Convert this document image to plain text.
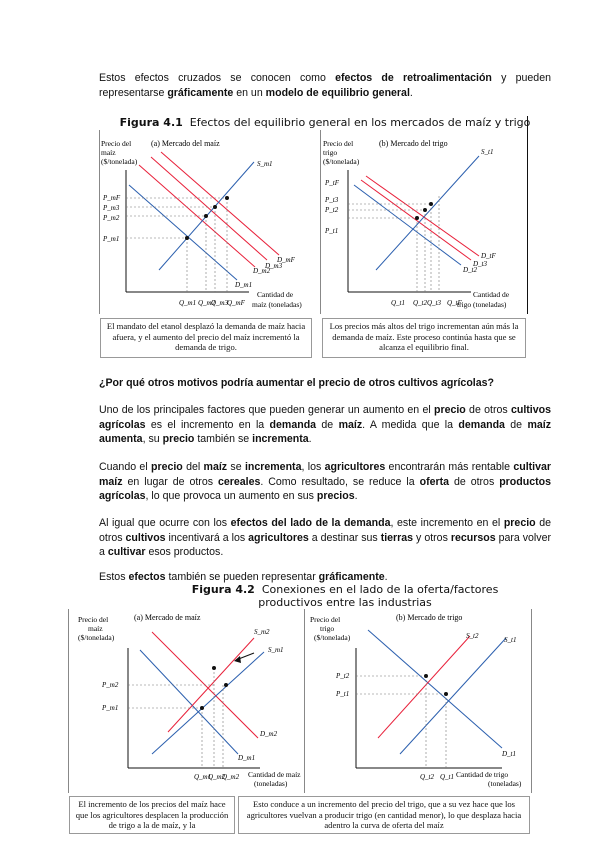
Estos efectos cruzados se conocen como efectos de retroalimentación y pueden representarse gráficamente en un modelo de equilibrio general.

Figura 4.1 Efectos del equilibrio general en los mercados de maíz y trigo
(a) Mercado del maíz
Precio del
maíz
($/tonelada)
P_mF
P_m3
P_m2
P_m1
Q_m1 Q_m2
Q_m3
Q_mF
S_m1
D_mF
D_m3
D_m2
D_m1
Cantidad de
maíz (toneladas)
(b) Mercado del trigo
Precio del
trigo
($/tonelada)
P_tF
P_t3
P_t2
P_t1
Q_t1 Q_t2 Q_t3 Q_tF
S_t1
D_tF
D_t3
D_t2
Cantidad de
trigo (toneladas)
El mandato del etanol desplazó la demanda de maíz hacia afuera, y el aumento del precio del maíz incrementó la demanda de trigo.
Los precios más altos del trigo incrementan aún más la demanda de maíz. Este proceso continúa hasta que se alcanza el equilibrio final.
¿Por qué otros motivos podría aumentar el precio de otros cultivos agrícolas?

Uno de los principales factores que pueden generar un aumento en el precio de otros cultivos agrícolas es el incremento en la demanda de maíz. A medida que la demanda de maíz aumenta, su precio también se incrementa.

Cuando el precio del maíz se incrementa, los agricultores encontrarán más rentable cultivar maíz en lugar de otros cereales. Como resultado, se reduce la oferta de otros productos agrícolas, lo que provoca un aumento en sus precios.

Al igual que ocurre con los efectos del lado de la demanda, este incremento en el precio de otros cultivos incentivará a los agricultores a destinar sus tierras y otros recursos para volver a cultivar esos productos.

Estos efectos también se pueden representar gráficamente.

Figura 4.2 Conexiones en el lado de la oferta/factores productivos entre las industrias
(a) Mercado de maíz
Precio del
maíz
($/tonelada)
P_m2
P_m1
Q_m1
Q_m2
Q_m2
S_m2
S_m1
D_m2
D_m1
Cantidad de maíz
(toneladas)
(b) Mercado de trigo
Precio del
trigo
($/tonelada)
P_t2
P_t1
Q_t2 Q_t1
S_t2	S_t1
D_t1
Cantidad de trigo
(toneladas)
El incremento de los precios del maíz hace que los agricultores desplacen la producción de trigo a la de maíz, y la
Esto conduce a un incremento del precio del trigo, que a su vez hace que los agricultores vuelvan a producir trigo (en cantidad menor), lo que desplaza hacia adentro la curva de oferta del maíz
